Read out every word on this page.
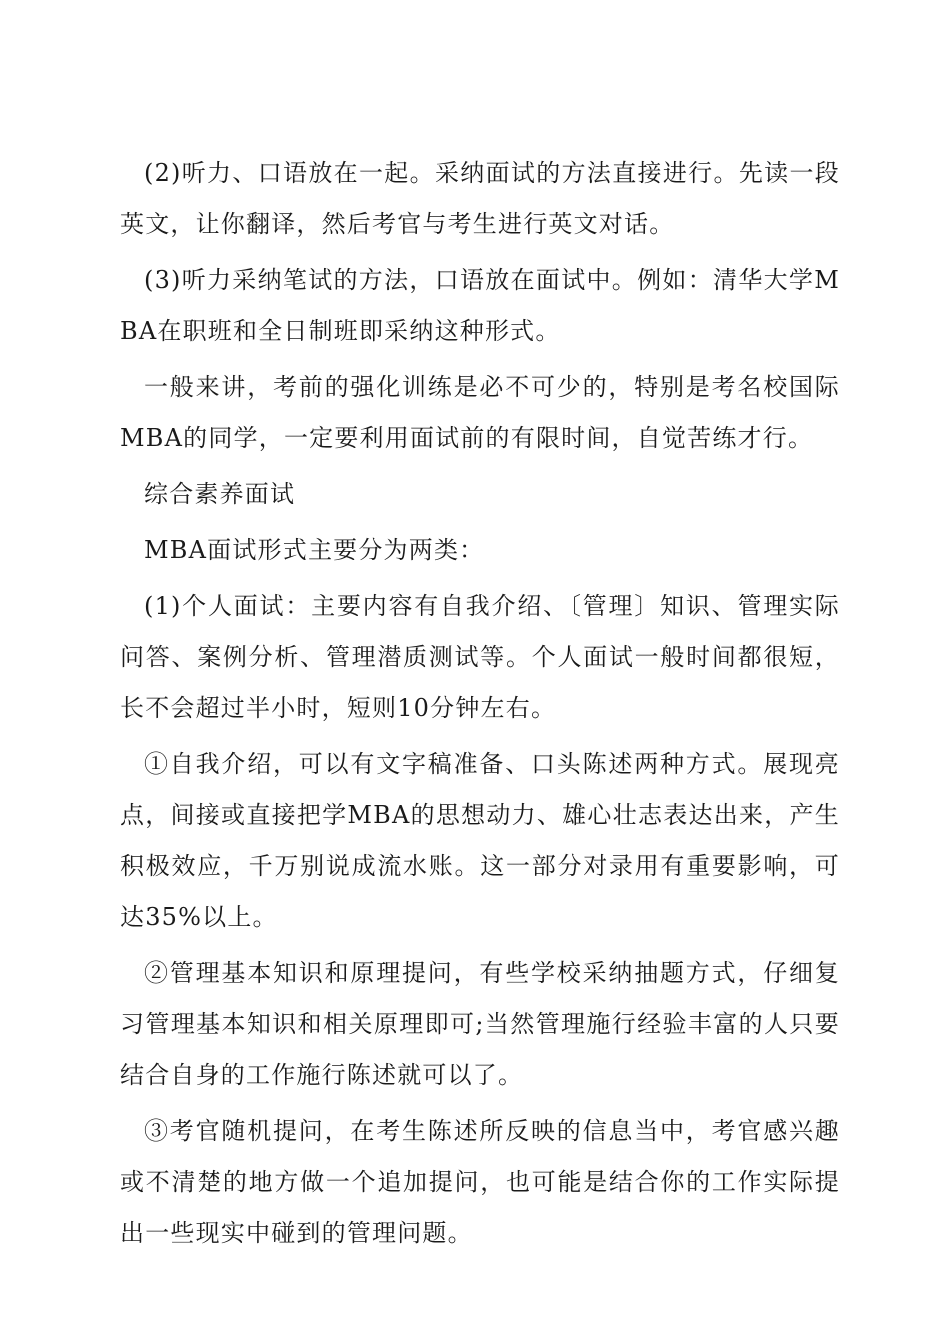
(2)听力、口语放在一起。采纳面试的方法直接进行。先读一段英文，让你翻译，然后考官与考生进行英文对话。

(3)听力采纳笔试的方法，口语放在面试中。例如：清华大学MBA在职班和全日制班即采纳这种形式。

一般来讲，考前的强化训练是必不可少的，特别是考名校国际MBA的同学，一定要利用面试前的有限时间，自觉苦练才行。

综合素养面试

MBA面试形式主要分为两类：

(1)个人面试：主要内容有自我介绍、〔管理〕知识、管理实际问答、案例分析、管理潜质测试等。个人面试一般时间都很短，长不会超过半小时，短则10分钟左右。

①自我介绍，可以有文字稿准备、口头陈述两种方式。展现亮点，间接或直接把学MBA的思想动力、雄心壮志表达出来，产生积极效应，千万别说成流水账。这一部分对录用有重要影响，可达35%以上。

②管理基本知识和原理提问，有些学校采纳抽题方式，仔细复习管理基本知识和相关原理即可;当然管理施行经验丰富的人只要结合自身的工作施行陈述就可以了。

③考官随机提问，在考生陈述所反映的信息当中，考官感兴趣或不清楚的地方做一个追加提问，也可能是结合你的工作实际提出一些现实中碰到的管理问题。
